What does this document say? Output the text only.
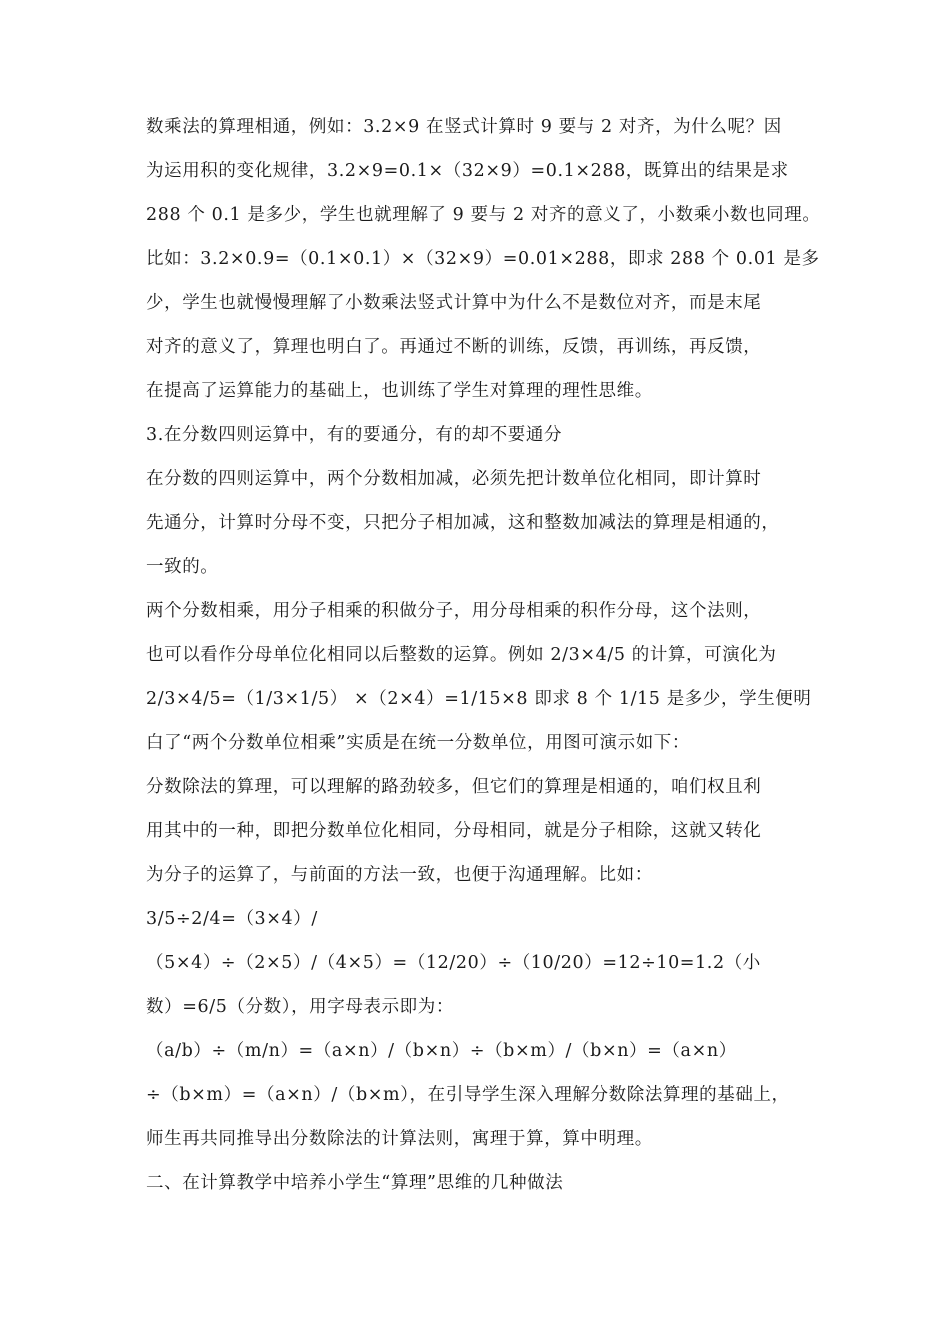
数乘法的算理相通，例如：3.2×9 在竖式计算时 9 要与 2 对齐，为什么呢？因
为运用积的变化规律，3.2×9=0.1×（32×9）=0.1×288，既算出的结果是求
288 个 0.1 是多少，学生也就理解了 9 要与 2 对齐的意义了，小数乘小数也同理。
比如：3.2×0.9=（0.1×0.1）×（32×9）=0.01×288，即求 288 个 0.01 是多
少，学生也就慢慢理解了小数乘法竖式计算中为什么不是数位对齐，而是末尾
对齐的意义了，算理也明白了。再通过不断的训练，反馈，再训练，再反馈，
在提高了运算能力的基础上，也训练了学生对算理的理性思维。
3.在分数四则运算中，有的要通分，有的却不要通分
在分数的四则运算中，两个分数相加减，必须先把计数单位化相同，即计算时
先通分，计算时分母不变，只把分子相加减，这和整数加减法的算理是相通的，
一致的。
两个分数相乘，用分子相乘的积做分子，用分母相乘的积作分母，这个法则，
也可以看作分母单位化相同以后整数的运算。例如 2/3×4/5 的计算，可演化为
2/3×4/5=（1/3×1/5） ×（2×4）=1/15×8 即求 8 个 1/15 是多少，学生便明
白了“两个分数单位相乘”实质是在统一分数单位，用图可演示如下：
分数除法的算理，可以理解的路劲较多，但它们的算理是相通的，咱们权且利
用其中的一种，即把分数单位化相同，分母相同，就是分子相除，这就又转化
为分子的运算了，与前面的方法一致，也便于沟通理解。比如：
3/5÷2/4=（3×4）/
（5×4）÷（2×5）/（4×5）=（12/20）÷（10/20）=12÷10=1.2（小
数）=6/5（分数），用字母表示即为：
（a/b）÷（m/n）=（a×n）/（b×n）÷（b×m）/（b×n）=（a×n）
÷（b×m）=（a×n）/（b×m），在引导学生深入理解分数除法算理的基础上，
师生再共同推导出分数除法的计算法则，寓理于算，算中明理。
二、在计算教学中培养小学生“算理”思维的几种做法
